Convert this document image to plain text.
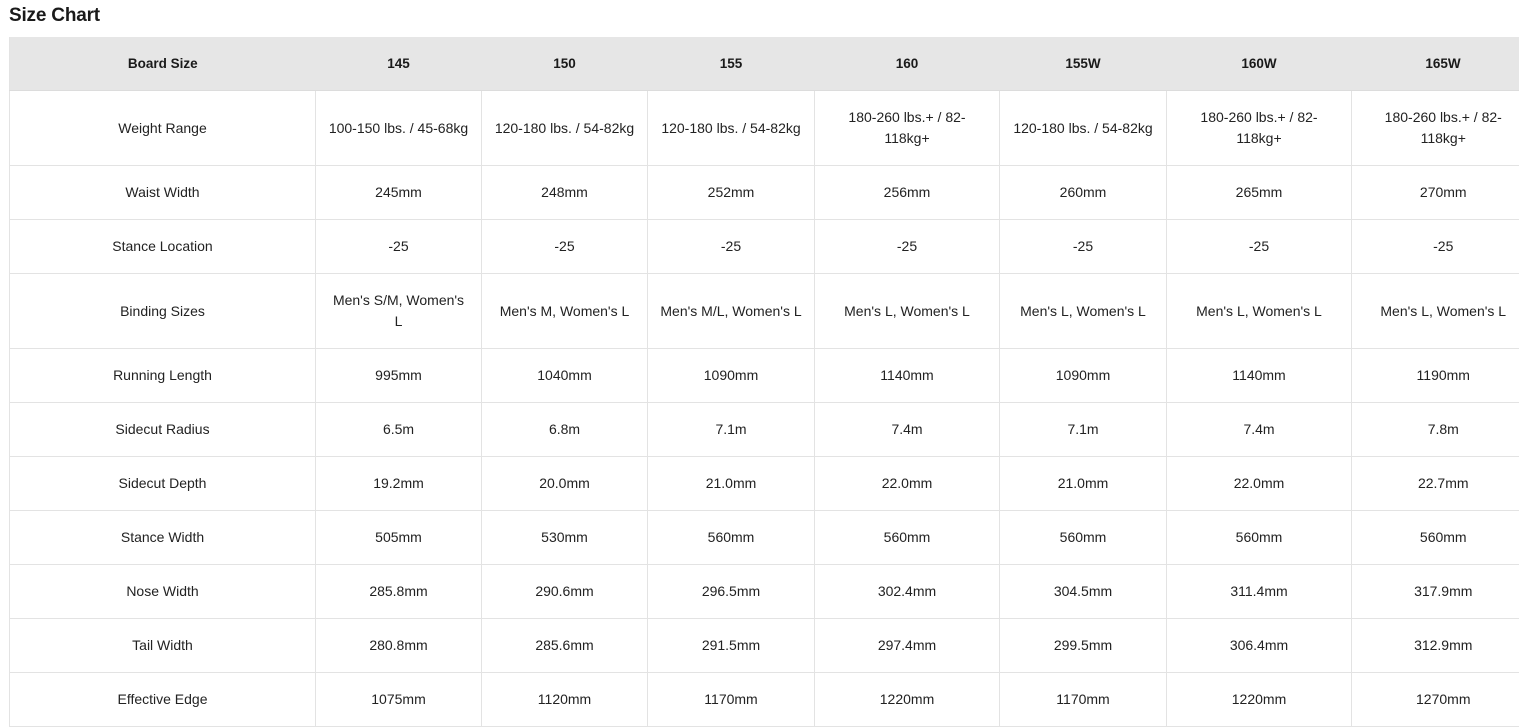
Size Chart
Board Size	145	150	155	160	155W	160W	165W
Weight Range	100-150 lbs. / 45-68kg	120-180 lbs. / 54-82kg	120-180 lbs. / 54-82kg	180-260 lbs.+ / 82-118kg+	120-180 lbs. / 54-82kg	180-260 lbs.+ / 82-118kg+	180-260 lbs.+ / 82-118kg+
Waist Width	245mm	248mm	252mm	256mm	260mm	265mm	270mm
Stance Location	-25	-25	-25	-25	-25	-25	-25
Binding Sizes	Men's S/M, Women's L	Men's M, Women's L	Men's M/L, Women's L	Men's L, Women's L	Men's L, Women's L	Men's L, Women's L	Men's L, Women's L
Running Length	995mm	1040mm	1090mm	1140mm	1090mm	1140mm	1190mm
Sidecut Radius	6.5m	6.8m	7.1m	7.4m	7.1m	7.4m	7.8m
Sidecut Depth	19.2mm	20.0mm	21.0mm	22.0mm	21.0mm	22.0mm	22.7mm
Stance Width	505mm	530mm	560mm	560mm	560mm	560mm	560mm
Nose Width	285.8mm	290.6mm	296.5mm	302.4mm	304.5mm	311.4mm	317.9mm
Tail Width	280.8mm	285.6mm	291.5mm	297.4mm	299.5mm	306.4mm	312.9mm
Effective Edge	1075mm	1120mm	1170mm	1220mm	1170mm	1220mm	1270mm
